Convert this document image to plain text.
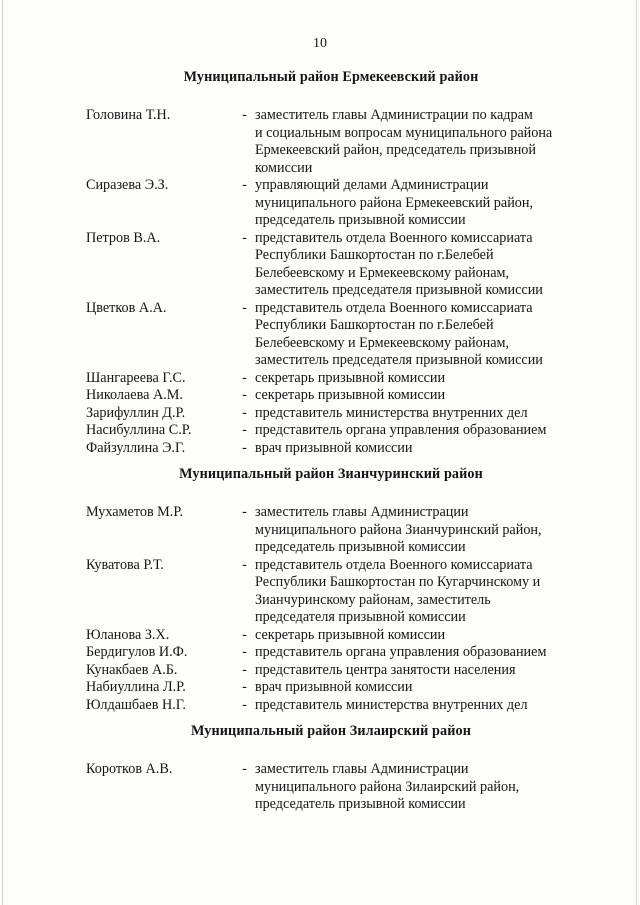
10
Муниципальный район Ермекеевский район
Головина Т.Н.	- заместитель главы Администрации по кадрам
и социальным вопросам муниципального района
Ермекеевский район, председатель призывной
комиссии
Сиразева Э.З.	- управляющий делами Администрации
муниципального района Ермекеевский район,
председатель призывной комиссии
Петров В.А.	- представитель отдела Военного комиссариата
Республики Башкортостан по г.Белебей
Белебеевскому и Ермекеевскому районам,
заместитель председателя призывной комиссии
Цветков А.А.	- представитель отдела Военного комиссариата
Республики Башкортостан по г.Белебей
Белебеевскому и Ермекеевскому районам,
заместитель председателя призывной комиссии
Шангареева Г.С.	- секретарь призывной комиссии
Николаева А.М.	- секретарь призывной комиссии
Зарифуллин Д.Р.	- представитель министерства внутренних дел
Насибуллина С.Р.	- представитель органа управления образованием
Файзуллина Э.Г.	- врач призывной комиссии
Муниципальный район Зианчуринский район
Мухаметов М.Р.	- заместитель главы Администрации
муниципального района Зианчуринский район,
председатель призывной комиссии
Куватова Р.Т.	- представитель отдела Военного комиссариата
Республики Башкортостан по Кугарчинскому и
Зианчуринскому районам, заместитель
председателя призывной комиссии
Юланова З.Х.	- секретарь призывной комиссии
Бердигулов И.Ф.	- представитель органа управления образованием
Кунакбаев А.Б.	- представитель центра занятости населения
Набиуллина Л.Р.	- врач призывной комиссии
Юлдашбаев Н.Г.	- представитель министерства внутренних дел
Муниципальный район Зилаирский район
Коротков А.В.	- заместитель главы Администрации
муниципального района Зилаирский район,
председатель призывной комиссии
